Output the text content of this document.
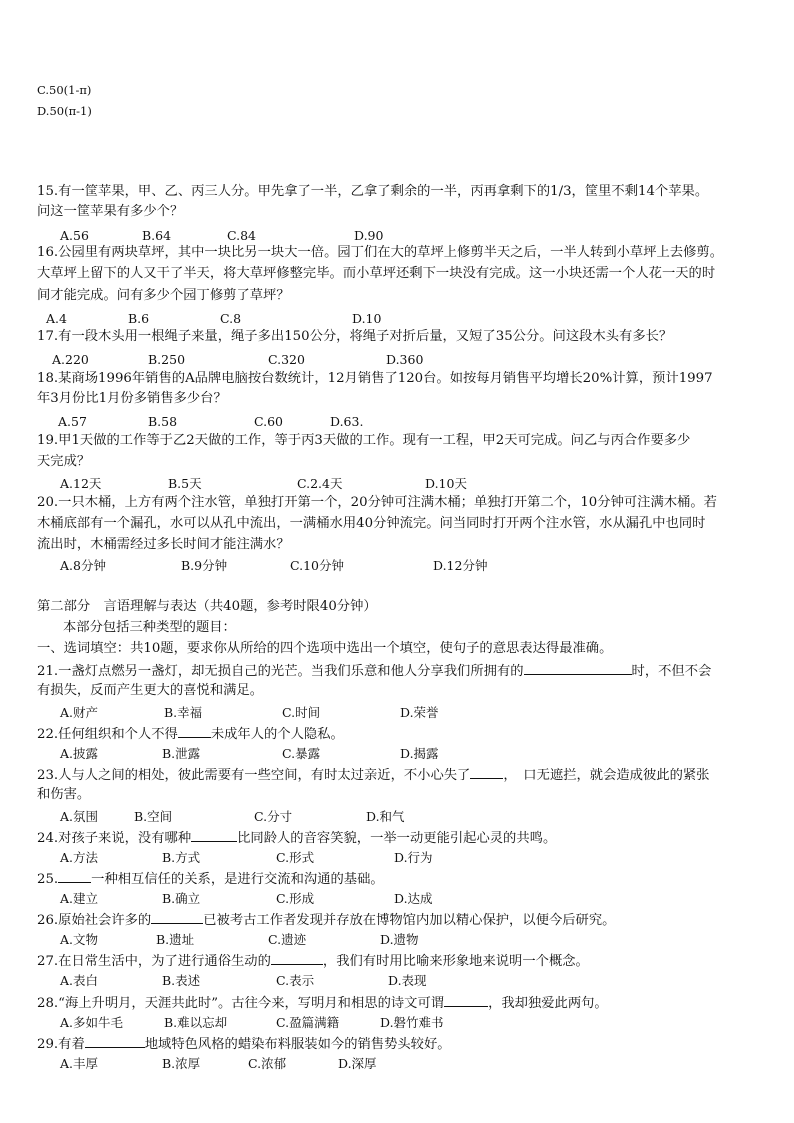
C.50(1-π)
D.50(π-1)
15.有一筐苹果，甲、乙、丙三人分。甲先拿了一半，乙拿了剩余的一半，丙再拿剩下的1/3，筐里不剩14个苹果。
问这一筐苹果有多少个？
A.56	B.64	C.84	D.90
16.公园里有两块草坪，其中一块比另一块大一倍。园丁们在大的草坪上修剪半天之后，一半人转到小草坪上去修剪。
大草坪上留下的人又干了半天，将大草坪修整完毕。而小草坪还剩下一块没有完成。这一小块还需一个人花一天的时
间才能完成。问有多少个园丁修剪了草坪？
A.4	B.6	C.8	D.10
17.有一段木头用一根绳子来量，绳子多出150公分，将绳子对折后量，又短了35公分。问这段木头有多长？
A.220	B.250	C.320	D.360
18.某商场1996年销售的A品牌电脑按台数统计，12月销售了120台。如按每月销售平均增长20%计算，预计1997
年3月份比1月份多销售多少台？
A.57	B.58	C.60	D.63.
19.甲1天做的工作等于乙2天做的工作，等于丙3天做的工作。现有一工程，甲2天可完成。问乙与丙合作要多少
天完成？
A.12天	B.5天	C.2.4天	D.10天
20.一只木桶，上方有两个注水管，单独打开第一个，20分钟可注满木桶；单独打开第二个，10分钟可注满木桶。若
木桶底部有一个漏孔，水可以从孔中流出，一满桶水用40分钟流完。问当同时打开两个注水管，水从漏孔中也同时
流出时，木桶需经过多长时间才能注满水？
A.8分钟	B.9分钟	C.10分钟	D.12分钟
第二部分　言语理解与表达（共40题，参考时限40分钟）
本部分包括三种类型的题目：
一、选词填空：共10题，要求你从所给的四个选项中选出一个填空，使句子的意思表达得最准确。
21.一盏灯点燃另一盏灯，却无损自己的光芒。当我们乐意和他人分享我们所拥有的	时，不但不会
有损失，反而产生更大的喜悦和满足。
A.财产	B.幸福	C.时间	D.荣誉
22.任何组织和个人不得 未成年人的个人隐私。
A.披露	B.泄露	C.暴露	D.揭露
23.人与人之间的相处，彼此需要有一些空间，有时太过亲近，不小心失了 ，　口无遮拦，就会造成彼此的紧张
和伤害。
A.氛围	B.空间	C.分寸	D.和气
24.对孩子来说，没有哪种	比同龄人的音容笑貌，一举一动更能引起心灵的共鸣。
A.方法	B.方式	C.形式	D.行为
25. 一种相互信任的关系，是进行交流和沟通的基础。
A.建立	B.确立	C.形成	D.达成
26.原始社会许多的	已被考古工作者发现并存放在博物馆内加以精心保护，以便今后研究。
A.文物	B.遗址	C.遗迹	D.遗物
27.在日常生活中，为了进行通俗生动的	，我们有时用比喻来形象地来说明一个概念。
A.表白	B.表述	C.表示	D.表现
28.“海上升明月，天涯共此时”。古往今来，写明月和相思的诗文可谓	，我却独爱此两句。
A.多如牛毛	B.难以忘却	C.盈篇满籍	D.磐竹难书
29.有着	地域特色风格的蜡染布料服装如今的销售势头较好。
A.丰厚	B.浓厚	C.浓郁	D.深厚
